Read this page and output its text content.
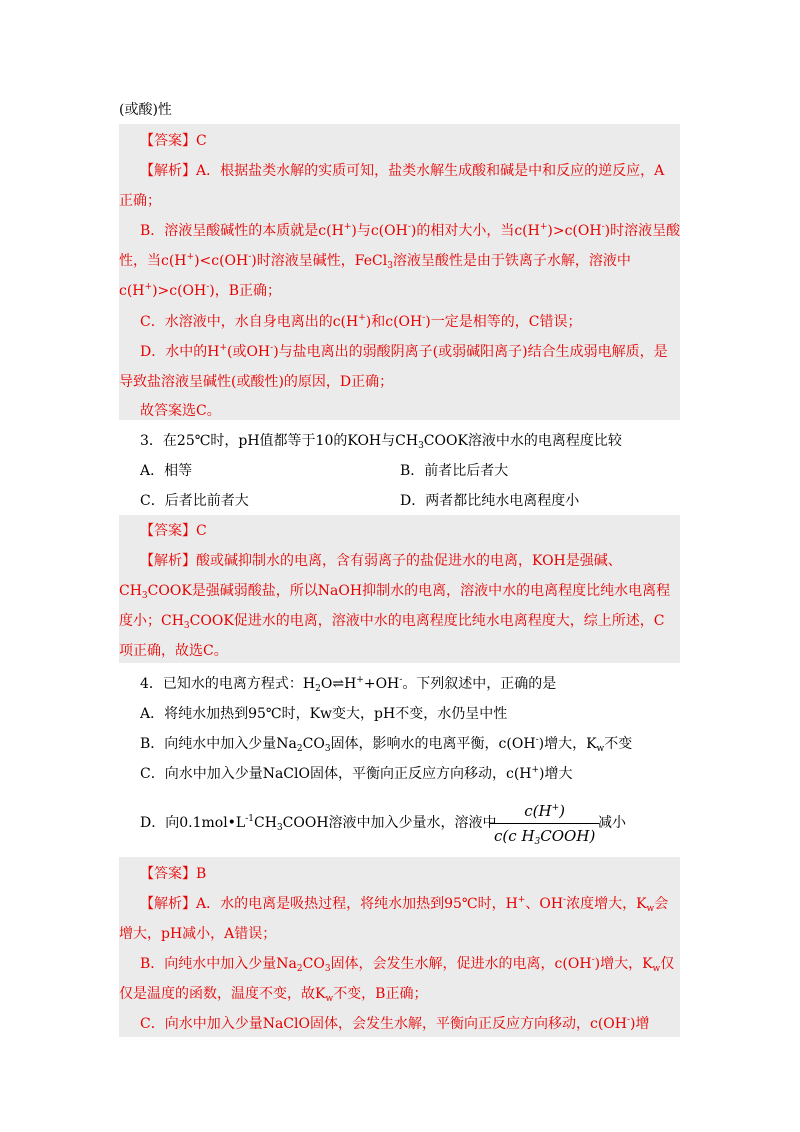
(或酸)性
【答案】C
【解析】A．根据盐类水解的实质可知，盐类水解生成酸和碱是中和反应的逆反应，A
正确；
B．溶液呈酸碱性的本质就是c(H+)与c(OH-)的相对大小，当c(H+)>c(OH-)时溶液呈酸
性，当c(H+)<c(OH-)时溶液呈碱性，FeCl$_3$溶液呈酸性是由于铁离子水解，溶液中
c(H+)>c(OH-)，B正确；
C．水溶液中，水自身电离出的c(H+)和c(OH-)一定是相等的，C错误；
D．水中的H+(或OH-)与盐电离出的弱酸阴离子(或弱碱阳离子)结合生成弱电解质，是
导致盐溶液呈碱性(或酸性)的原因，D正确；
故答案选C。
3．在25℃时，pH值都等于10的KOH与$CH_3COOK$溶液中水的电离程度比较
A．相等	B．前者比后者大
C．后者比前者大	D．两者都比纯水电离程度小
【答案】C
【解析】酸或碱抑制水的电离，含有弱离子的盐促进水的电离，KOH是强碱、
$CH_3COOK$是强碱弱酸盐，所以NaOH抑制水的电离，溶液中水的电离程度比纯水电离程
度小；$CH_3COOK$促进水的电离，溶液中水的电离程度比纯水电离程度大，综上所述，C
项正确，故选C。
4．已知水的电离方程式：$H_2O\rightleftharpoons H^++OH^-$。下列叙述中，正确的是
A．将纯水加热到95℃时，Kw变大，pH不变，水仍呈中性
B．向纯水中加入少量$Na_2CO_3$固体，影响水的电离平衡，c(OH-)增大，$K_w$不变
C．向水中加入少量NaClO固体，平衡向正反应方向移动，c(H+)增大
D．向$0.1mol•L^{-1}CH_3COOH$溶液中加入少量水，溶液中
$\frac{c(H^+)}{c(c H_3COOH)}$
减小
【答案】B
【解析】A．水的电离是吸热过程，将纯水加热到95℃时，H+、OH-浓度增大，$K_w$会
增大，pH减小，A错误；
B．向纯水中加入少量$Na_2CO_3$固体，会发生水解，促进水的电离，c(OH-)增大，$K_w$仅
仅是温度的函数，温度不变，故$K_w$不变，B正确；
C．向水中加入少量NaClO固体，会发生水解，平衡向正反应方向移动，c(OH-)增
